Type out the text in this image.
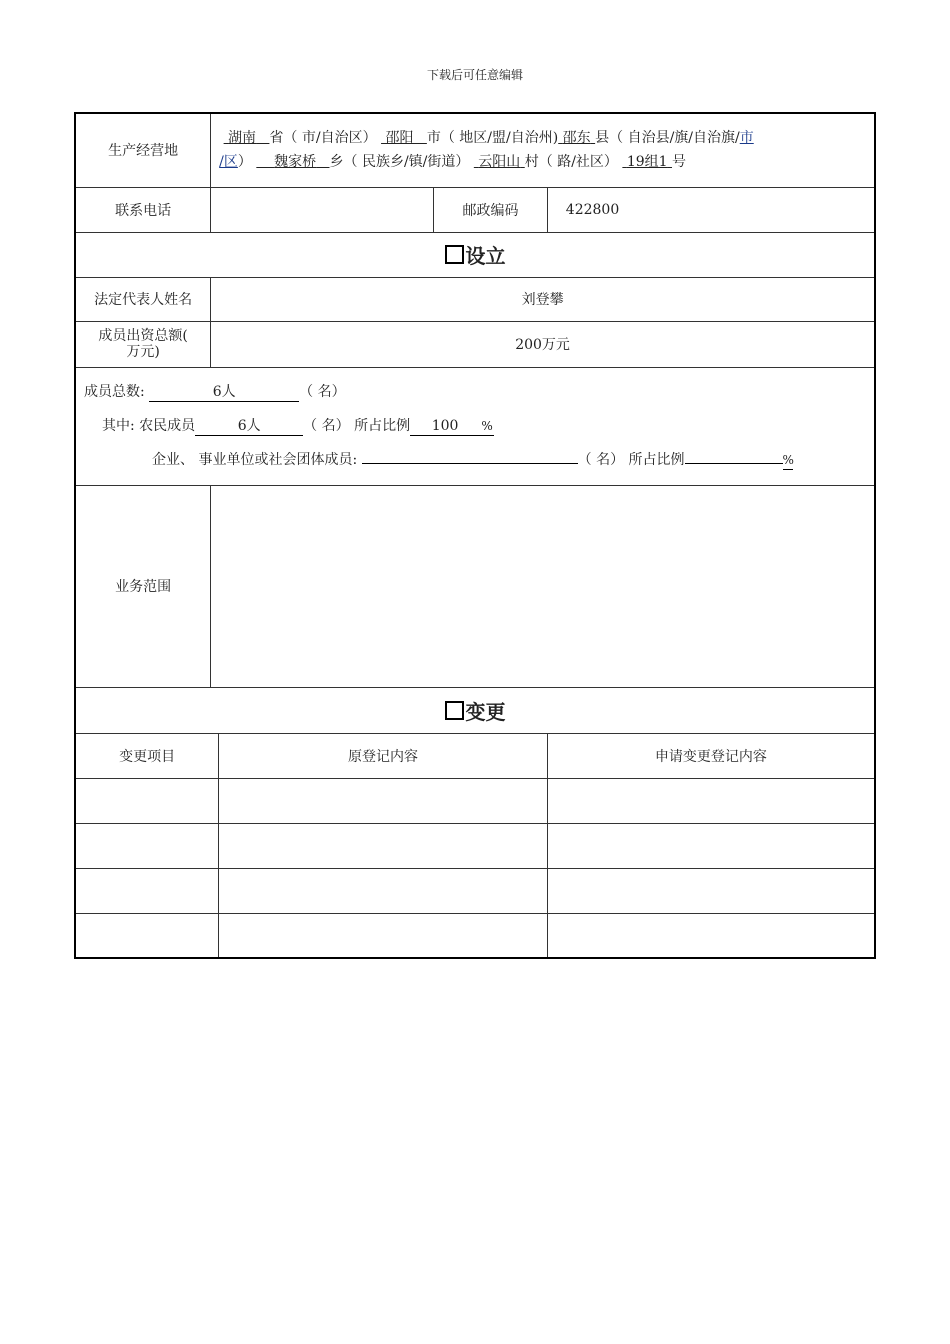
下载后可任意编辑
生产经营地	湖南 省（ 市/自治区） 邵阳 市（ 地区/盟/自治州) 邵东 县（ 自治县/旗/自治旗/市
/区） 魏家桥 乡（ 民族乡/镇/街道） 云阳山 村（ 路/社区） 19组1 号			
联系电话			邮政编码	422800
设立				
法定代表人姓名	刘登攀			
成员出资总额(
万元)	200万元			

成员总数: 6人 （ 名）
其中: 农民成员 6人 （ 名） 所占比例 100 %
企业、 事业单位或社会团体成员: （ 名） 所占比例 %				

业务范围				
变更				
变更项目		原登记内容		申请变更登记内容
